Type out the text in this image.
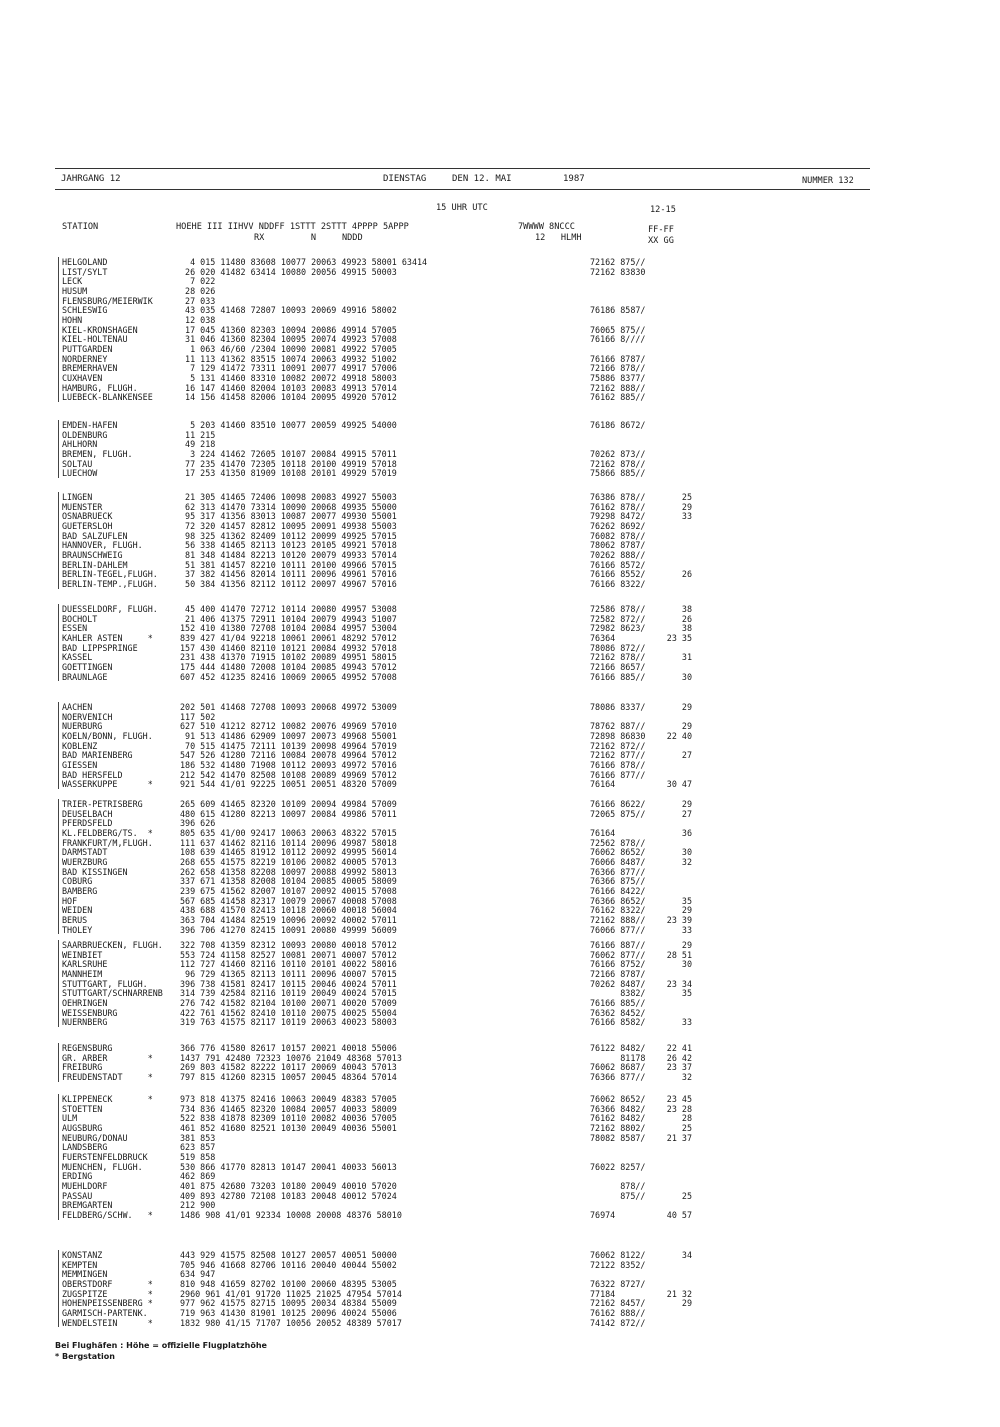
JAHRGANG 12	DIENSTAG	DEN 12. MAI	1987	NUMMER 132
15 UHR UTC	12-15
STATION	HOEHE III IIHVV NDDFF 1STTT 2STTT 4PPPP 5APPP	7WWWW 8NCCC	FF-FF
RX         N     NDDD	12   HLMH	XX GG
HELGOLAND	4 015 11480 83608 10077 20063 49923 58001 63414	72162 875//
LIST/SYLT	26 020 41482 63414 10080 20056 49915 50003	72162 83830
LECK	7 022
HUSUM	28 026
FLENSBURG/MEIERWIK	27 033
SCHLESWIG	43 035 41468 72807 10093 20069 49916 58002	76186 8587/
HOHN	12 038
KIEL-KRONSHAGEN	17 045 41360 82303 10094 20086 49914 57005	76065 875//
KIEL-HOLTENAU	31 046 41360 82304 10095 20074 49923 57008	76166 8////
PUTTGARDEN	1 063 46/60 /2304 10090 20081 49922 57005
NORDERNEY	11 113 41362 83515 10074 20063 49932 51002	76166 8787/
BREMERHAVEN	7 129 41472 73311 10091 20077 49917 57006	72166 878//
CUXHAVEN	5 131 41460 83310 10082 20072 49918 58003	75886 8377/
HAMBURG, FLUGH.	16 147 41460 82004 10103 20083 49913 57014	72162 888//
LUEBECK-BLANKENSEE	14 156 41458 82006 10104 20095 49920 57012	76162 885//
EMDEN-HAFEN	5 203 41460 83510 10077 20059 49925 54000	76186 8672/
OLDENBURG	11 215
AHLHORN	49 218
BREMEN, FLUGH.	3 224 41462 72605 10107 20084 49915 57011	70262 873//
SOLTAU	77 235 41470 72305 10118 20100 49919 57018	72162 878//
LUECHOW	17 253 41350 81909 10108 20101 49929 57019	75866 885//
LINGEN	21 305 41465 72406 10098 20083 49927 55003	76386 878//	25
MUENSTER	62 313 41470 73314 10090 20068 49935 55000	76162 878//	29
OSNABRUECK	95 317 41356 83013 10087 20077 49930 55001	79298 8472/	33
GUETERSLOH	72 320 41457 82812 10095 20091 49938 55003	76262 8692/
BAD SALZUFLEN	98 325 41362 82409 10112 20099 49925 57015	76082 878//
HANNOVER, FLUGH.	56 338 41465 82113 10123 20105 49921 57018	78062 8787/
BRAUNSCHWEIG	81 348 41484 82213 10120 20079 49933 57014	70262 888//
BERLIN-DAHLEM	51 381 41457 82210 10111 20100 49966 57015	76166 8572/
BERLIN-TEGEL,FLUGH.	37 382 41456 82014 10111 20096 49961 57016	76166 8552/	26
BERLIN-TEMP.,FLUGH.	50 384 41356 82112 10112 20097 49967 57016	76166 8322/
DUESSELDORF, FLUGH.	45 400 41470 72712 10114 20080 49957 53008	72586 878//	38
BOCHOLT	21 406 41375 72911 10104 20079 49943 51007	72582 872//	26
ESSEN	152 410 41380 72708 10104 20084 49957 53004	72982 8623/	38
KAHLER ASTEN     *	839 427 41/04 92218 10061 20061 48292 57012	76364	23 35
BAD LIPPSPRINGE	157 430 41460 82110 10121 20084 49932 57018	78086 872//
KASSEL	231 438 41370 71915 10102 20089 49951 58015	72162 878//	31
GOETTINGEN	175 444 41480 72008 10104 20085 49943 57012	72166 8657/
BRAUNLAGE	607 452 41235 82416 10069 20065 49952 57008	76166 885//	30
AACHEN	202 501 41468 72708 10093 20068 49972 53009	78086 8337/	29
NOERVENICH	117 502
NUERBURG	627 510 41212 82712 10082 20076 49969 57010	78762 887//	29
KOELN/BONN, FLUGH.	91 513 41486 62909 10097 20073 49968 55001	72898 86830	22 40
KOBLENZ	70 515 41475 72111 10139 20098 49964 57019	72162 872//
BAD MARIENBERG	547 526 41280 72116 10084 20078 49964 57012	72162 877//	27
GIESSEN	186 532 41480 71908 10112 20093 49972 57016	76166 878//
BAD HERSFELD	212 542 41470 82508 10108 20089 49969 57012	76166 877//
WASSERKUPPE      *	921 544 41/01 92225 10051 20051 48320 57009	76164	30 47
TRIER-PETRISBERG	265 609 41465 82320 10109 20094 49984 57009	76166 8622/	29
DEUSELBACH	480 615 41280 82213 10097 20084 49986 57011	72065 875//	27
PFERDSFELD	396 626
KL.FELDBERG/TS.  *	805 635 41/00 92417 10063 20063 48322 57015	76164	36
FRANKFURT/M,FLUGH.	111 637 41462 82116 10114 20096 49987 58018	72562 878//
DARMSTADT	108 639 41465 81912 10112 20092 49995 56014	76062 8652/	30
WUERZBURG	268 655 41575 82219 10106 20082 40005 57013	76066 8487/	32
BAD KISSINGEN	262 658 41358 82208 10097 20088 49992 58013	76366 877//
COBURG	337 671 41358 82008 10104 20085 40005 58009	76366 875//
BAMBERG	239 675 41562 82007 10107 20092 40015 57008	76166 8422/
HOF	567 685 41458 82317 10079 20067 40008 57008	76366 8652/	35
WEIDEN	438 688 41570 82413 10118 20060 40018 56004	76162 8322/	29
BERUS	363 704 41484 82519 10096 20092 40002 57011	72162 888//	23 39
THOLEY	396 706 41270 82415 10091 20080 49999 56009	76066 877//	33
SAARBRUECKEN, FLUGH. 322 708 41359 82312 10093 20080 40018 57012	76166 887//	29
WEINBIET	553 724 41158 82527 10081 20071 40007 57012	76062 877//	28 51
KARLSRUHE	112 727 41460 82116 10110 20101 40022 58016	76166 8752/	30
MANNHEIM	96 729 41365 82113 10111 20096 40007 57015	72166 8787/
STUTTGART, FLUGH.	396 738 41581 82417 10115 20046 40024 57011	70262 8487/	23 34
STUTTGART/SCHNARRENB 314 739 42584 82116 10119 20049 40024 57015	8382/	35
OEHRINGEN	276 742 41582 82104 10100 20071 40020 57009	76166 885//
WEISSENBURG	422 761 41562 82410 10110 20075 40025 55004	76362 8452/
NUERNBERG	319 763 41575 82117 10119 20063 40023 58003	76166 8582/	33
REGENSBURG	366 776 41580 82617 10157 20021 40018 55006	76122 8482/	22 41
GR. ARBER        *	1437 791 42480 72323 10076 21049 48368 57013	81178	26 42
FREIBURG	269 803 41582 82222 10117 20069 40043 57013	76062 8687/	23 37
FREUDENSTADT     *	797 815 41260 82315 10057 20045 48364 57014	76366 877//	32
KLIPPENECK       *	973 818 41375 82416 10063 20049 48383 57005	76062 8652/	23 45
STOETTEN	734 836 41465 82320 10084 20057 40033 58009	76366 8482/	23 28
ULM	522 838 41878 82309 10110 20082 40036 57005	76162 8482/	28
AUGSBURG	461 852 41680 82521 10130 20049 40036 55001	72162 8802/	25
NEUBURG/DONAU	381 853	78082 8587/	21 37
LANDSBERG	623 857
FUERSTENFELDBRUCK	519 858
MUENCHEN, FLUGH.	530 866 41770 82813 10147 20041 40033 56013	76022 8257/
ERDING	462 869
MUEHLDORF	401 875 42680 73203 10180 20049 40010 57020	878//
PASSAU	409 893 42780 72108 10183 20048 40012 57024	875//	25
BREMGARTEN	212 900
FELDBERG/SCHW.   *	1486 908 41/01 92334 10008 20008 48376 58010	76974	40 57
KONSTANZ	443 929 41575 82508 10127 20057 40051 50000	76062 8122/	34
KEMPTEN	705 946 41668 82706 10116 20040 40044 55002	72122 8352/
MEMMINGEN	634 947
OBERSTDORF       *	810 948 41659 82702 10100 20060 48395 53005	76322 8727/
ZUGSPITZE        *	2960 961 41/01 91720 11025 21025 47954 57014	77184	21 32
HOHENPEISSENBERG *	977 962 41575 82715 10095 20034 48384 55009	72162 8457/	29
GARMISCH-PARTENK.	719 963 41430 81901 10125 20096 40024 55006	76162 888//
WENDELSTEIN      *	1832 980 41/15 71707 10056 20052 48389 57017	74142 872//
Bei Flughäfen : Höhe = offizielle Flugplatzhöhe
* Bergstation
